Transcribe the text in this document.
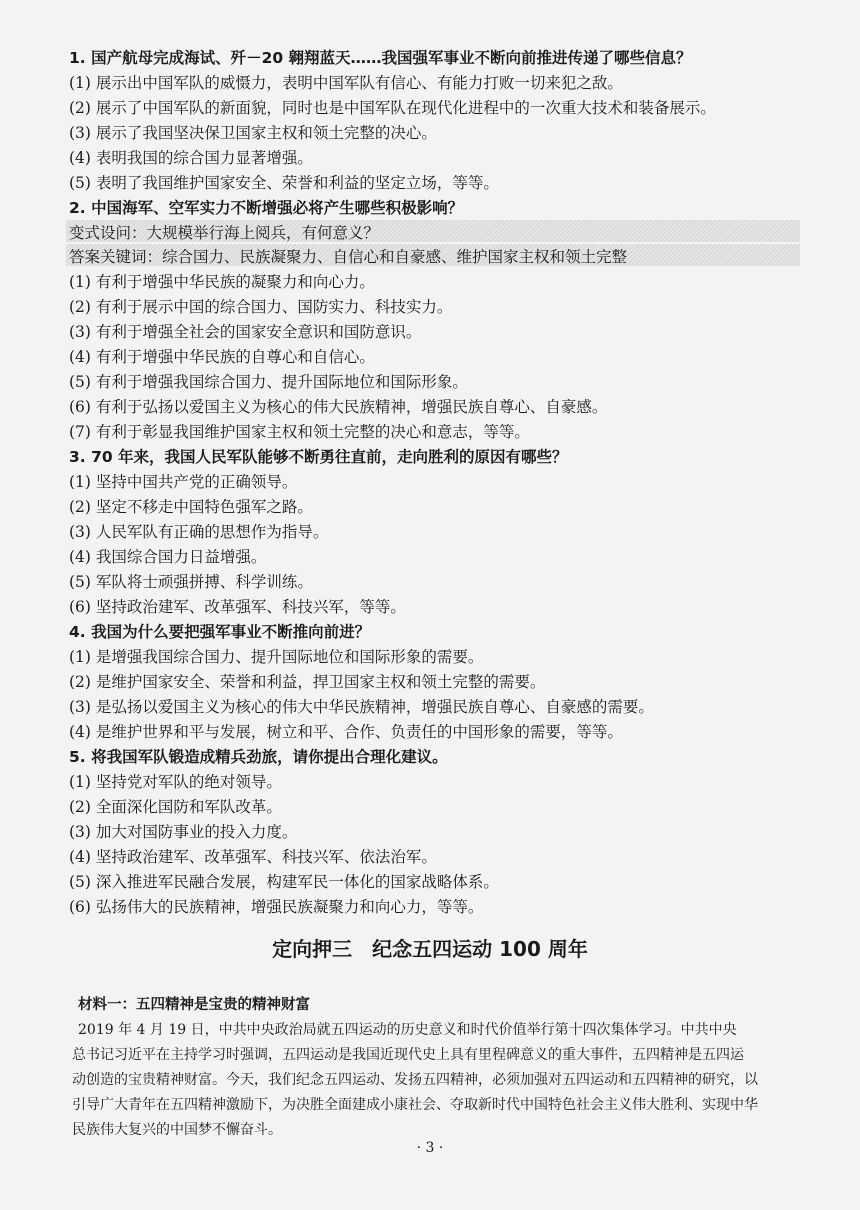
1. 国产航母完成海试、歼－20 翱翔蓝天……我国强军事业不断向前推进传递了哪些信息？
(1) 展示出中国军队的威慑力，表明中国军队有信心、有能力打败一切来犯之敌。
(2) 展示了中国军队的新面貌，同时也是中国军队在现代化进程中的一次重大技术和装备展示。
(3) 展示了我国坚决保卫国家主权和领土完整的决心。
(4) 表明我国的综合国力显著增强。
(5) 表明了我国维护国家安全、荣誉和利益的坚定立场，等等。
2. 中国海军、空军实力不断增强必将产生哪些积极影响？
变式设问：大规模举行海上阅兵，有何意义？
答案关键词：综合国力、民族凝聚力、自信心和自豪感、维护国家主权和领土完整
(1) 有利于增强中华民族的凝聚力和向心力。
(2) 有利于展示中国的综合国力、国防实力、科技实力。
(3) 有利于增强全社会的国家安全意识和国防意识。
(4) 有利于增强中华民族的自尊心和自信心。
(5) 有利于增强我国综合国力、提升国际地位和国际形象。
(6) 有利于弘扬以爱国主义为核心的伟大民族精神，增强民族自尊心、自豪感。
(7) 有利于彰显我国维护国家主权和领土完整的决心和意志，等等。
3. 70 年来，我国人民军队能够不断勇往直前，走向胜利的原因有哪些？
(1) 坚持中国共产党的正确领导。
(2) 坚定不移走中国特色强军之路。
(3) 人民军队有正确的思想作为指导。
(4) 我国综合国力日益增强。
(5) 军队将士顽强拼搏、科学训练。
(6) 坚持政治建军、改革强军、科技兴军，等等。
4. 我国为什么要把强军事业不断推向前进？
(1) 是增强我国综合国力、提升国际地位和国际形象的需要。
(2) 是维护国家安全、荣誉和利益，捍卫国家主权和领土完整的需要。
(3) 是弘扬以爱国主义为核心的伟大中华民族精神，增强民族自尊心、自豪感的需要。
(4) 是维护世界和平与发展，树立和平、合作、负责任的中国形象的需要，等等。
5. 将我国军队锻造成精兵劲旅，请你提出合理化建议。
(1) 坚持党对军队的绝对领导。
(2) 全面深化国防和军队改革。
(3) 加大对国防事业的投入力度。
(4) 坚持政治建军、改革强军、科技兴军、依法治军。
(5) 深入推进军民融合发展，构建军民一体化的国家战略体系。
(6) 弘扬伟大的民族精神，增强民族凝聚力和向心力，等等。
定向押三　纪念五四运动 100 周年
材料一：五四精神是宝贵的精神财富
2019 年 4 月 19 日，中共中央政治局就五四运动的历史意义和时代价值举行第十四次集体学习。中共中央
总书记习近平在主持学习时强调，五四运动是我国近现代史上具有里程碑意义的重大事件，五四精神是五四运
动创造的宝贵精神财富。今天，我们纪念五四运动、发扬五四精神，必须加强对五四运动和五四精神的研究，以
引导广大青年在五四精神激励下，为决胜全面建成小康社会、夺取新时代中国特色社会主义伟大胜利、实现中华
民族伟大复兴的中国梦不懈奋斗。
· 3 ·
